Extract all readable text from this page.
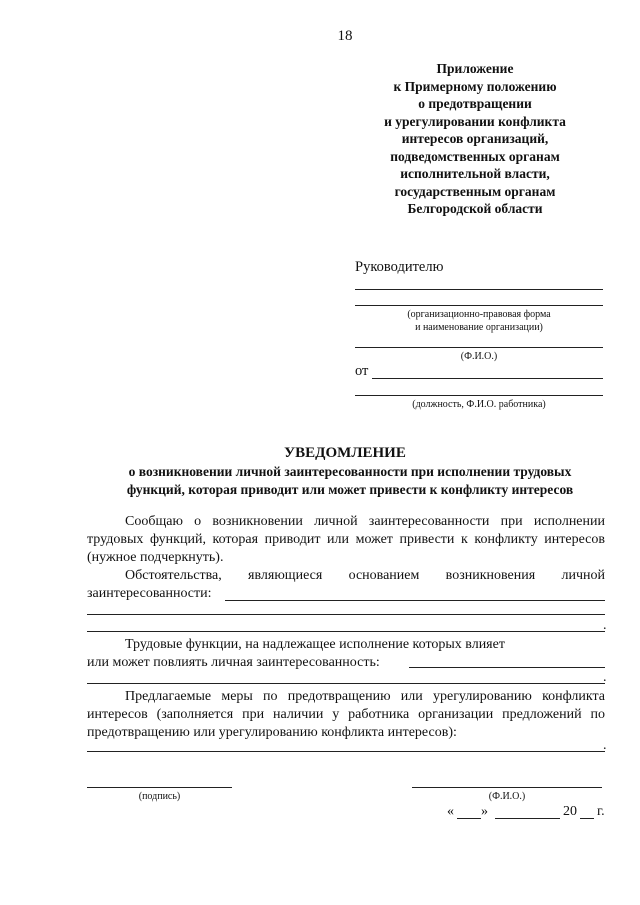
18
Приложение
к Примерному положению
о предотвращении
и урегулировании конфликта
интересов организаций,
подведомственных органам
исполнительной власти,
государственным органам
Белгородской области
Руководителю
(организационно-правовая форма
и наименование организации)
(Ф.И.О.)
от
(должность, Ф.И.О. работника)
УВЕДОМЛЕНИЕ
о возникновении личной заинтересованности при исполнении трудовых
функций, которая приводит или может привести к конфликту интересов
Сообщаю о возникновении личной заинтересованности при исполнении
трудовых функций, которая приводит или может привести к конфликту интересов (нужное подчеркнуть).
Обстоятельства, являющиеся основанием возникновения личной
заинтересованности:
.
Трудовые функции, на надлежащее исполнение которых влияет
или может повлиять личная заинтересованность:
.
Предлагаемые меры по предотвращению или урегулированию конфликта
интересов (заполняется при наличии у работника организации предложений по предотвращению или урегулированию конфликта интересов):
.
(подпись)	(Ф.И.О.)
« »	20 г.
